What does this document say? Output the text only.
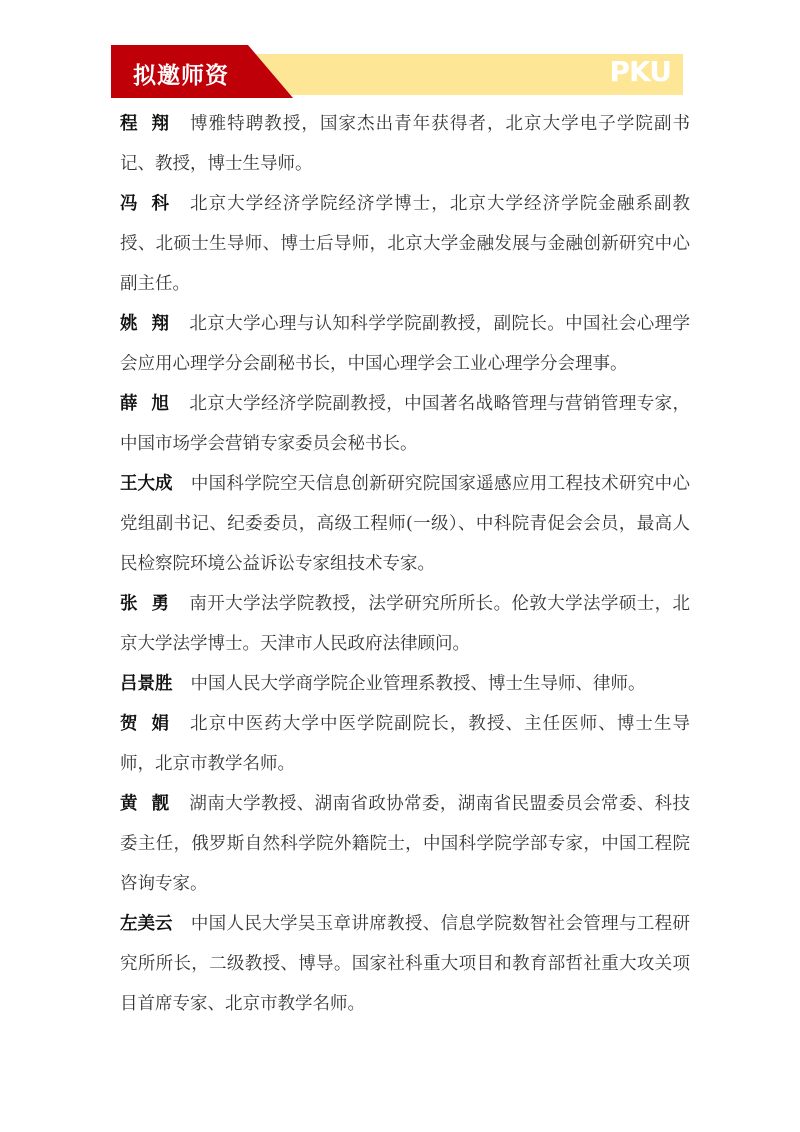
拟邀师资	PKU

程翔 博雅特聘教授，国家杰出青年获得者，北京大学电子学院副书记、教授，博士生导师。

冯科 北京大学经济学院经济学博士，北京大学经济学院金融系副教授、北硕士生导师、博士后导师，北京大学金融发展与金融创新研究中心副主任。

姚翔 北京大学心理与认知科学学院副教授，副院长。中国社会心理学会应用心理学分会副秘书长，中国心理学会工业心理学分会理事。

薛旭 北京大学经济学院副教授，中国著名战略管理与营销管理专家，中国市场学会营销专家委员会秘书长。

王大成 中国科学院空天信息创新研究院国家遥感应用工程技术研究中心党组副书记、纪委委员，高级工程师(一级）、中科院青促会会员，最高人民检察院环境公益诉讼专家组技术专家。

张勇 南开大学法学院教授，法学研究所所长。伦敦大学法学硕士，北京大学法学博士。天津市人民政府法律顾问。

吕景胜 中国人民大学商学院企业管理系教授、博士生导师、律师。

贺娟 北京中医药大学中医学院副院长，教授、主任医师、博士生导师，北京市教学名师。

黄靓 湖南大学教授、湖南省政协常委，湖南省民盟委员会常委、科技委主任，俄罗斯自然科学院外籍院士，中国科学院学部专家，中国工程院咨询专家。

左美云 中国人民大学吴玉章讲席教授、信息学院数智社会管理与工程研究所所长，二级教授、博导。国家社科重大项目和教育部哲社重大攻关项目首席专家、北京市教学名师。
